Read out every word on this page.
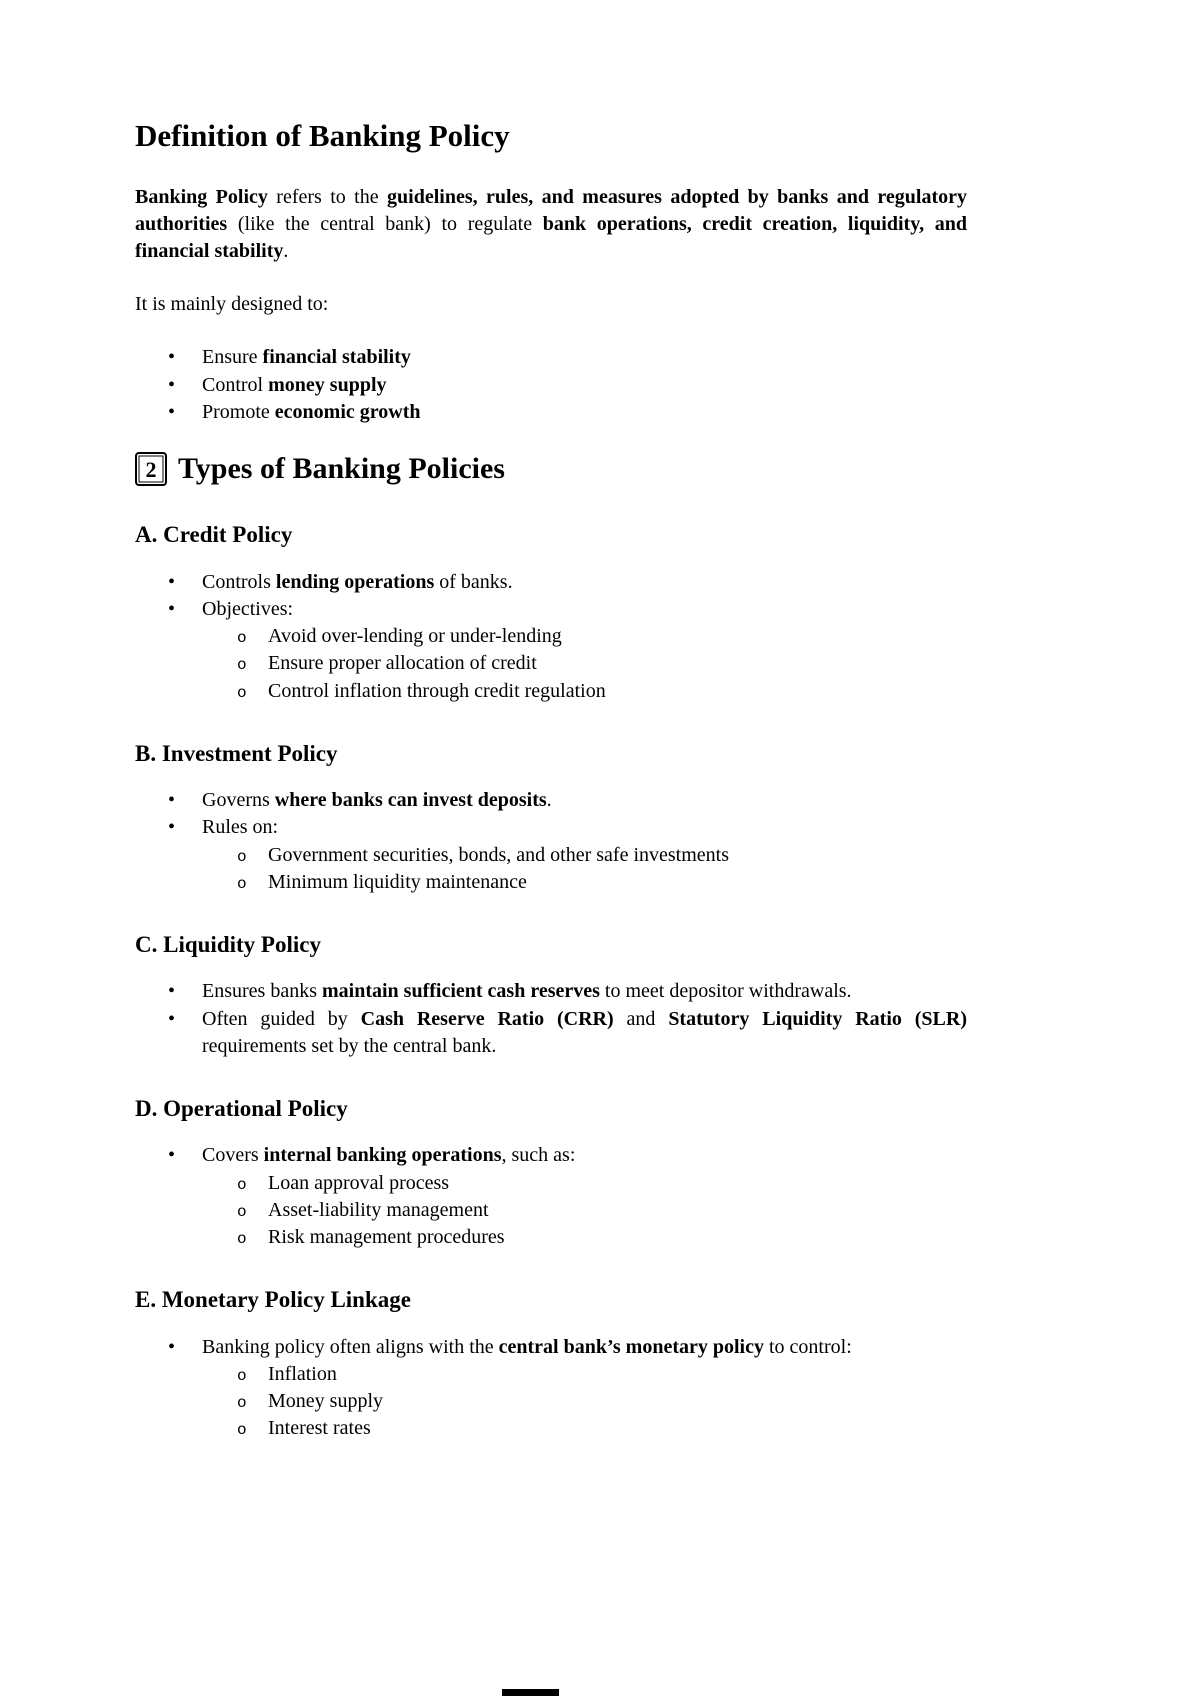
Definition of Banking Policy

Banking Policy refers to the guidelines, rules, and measures adopted by banks and regulatory authorities (like the central bank) to regulate bank operations, credit creation, liquidity, and financial stability.

It is mainly designed to:

•	Ensure financial stability
•	Control money supply
•	Promote economic growth
2 Types of Banking Policies
A. Credit Policy
•	Controls lending operations of banks.
•	Objectives:
o	Avoid over-lending or under-lending
o	Ensure proper allocation of credit
o	Control inflation through credit regulation
B. Investment Policy
•	Governs where banks can invest deposits.
•	Rules on:
o	Government securities, bonds, and other safe investments
o	Minimum liquidity maintenance
C. Liquidity Policy
•	Ensures banks maintain sufficient cash reserves to meet depositor withdrawals.
•	Often guided by Cash Reserve Ratio (CRR) and Statutory Liquidity Ratio (SLR) requirements set by the central bank.
D. Operational Policy
•	Covers internal banking operations, such as:
o	Loan approval process
o	Asset-liability management
o	Risk management procedures
E. Monetary Policy Linkage
•	Banking policy often aligns with the central bank’s monetary policy to control:
o	Inflation
o	Money supply
o	Interest rates
